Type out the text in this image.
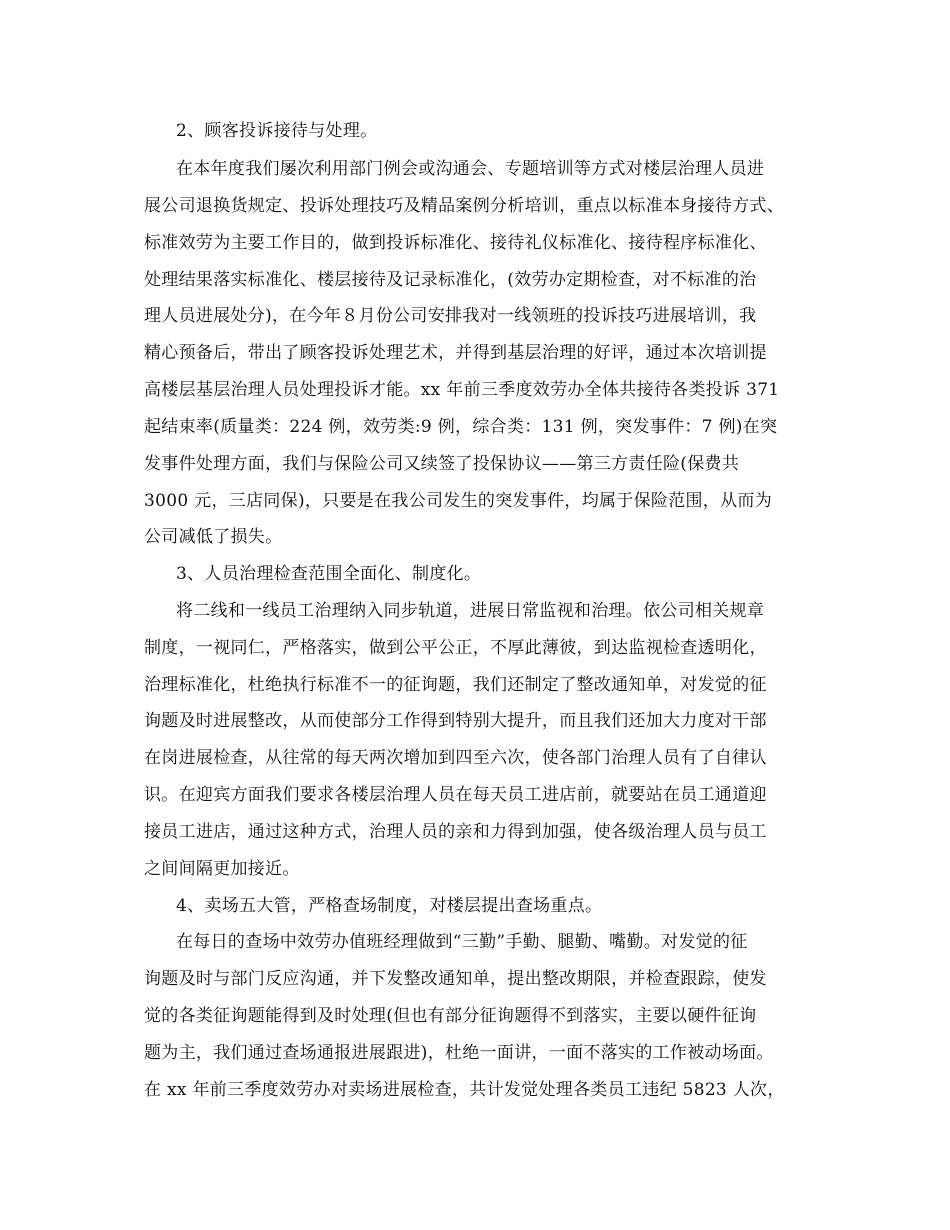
2、顾客投诉接待与处理。
在本年度我们屡次利用部门例会或沟通会、专题培训等方式对楼层治理人员进
展公司退换货规定、投诉处理技巧及精品案例分析培训，重点以标准本身接待方式、
标准效劳为主要工作目的，做到投诉标准化、接待礼仪标准化、接待程序标准化、
处理结果落实标准化、楼层接待及记录标准化，(效劳办定期检查，对不标准的治
理人员进展处分)，在今年８月份公司安排我对一线领班的投诉技巧进展培训，我
精心预备后，带出了顾客投诉处理艺术，并得到基层治理的好评，通过本次培训提
高楼层基层治理人员处理投诉才能。xx 年前三季度效劳办全体共接待各类投诉 371
起结束率(质量类：224 例，效劳类:9 例，综合类：131 例，突发事件：7 例)在突
发事件处理方面，我们与保险公司又续签了投保协议——第三方责任险(保费共
3000 元，三店同保)，只要是在我公司发生的突发事件，均属于保险范围，从而为
公司减低了损失。
3、人员治理检查范围全面化、制度化。
将二线和一线员工治理纳入同步轨道，进展日常监视和治理。依公司相关规章
制度，一视同仁，严格落实，做到公平公正，不厚此薄彼，到达监视检查透明化，
治理标准化，杜绝执行标准不一的征询题，我们还制定了整改通知单，对发觉的征
询题及时进展整改，从而使部分工作得到特别大提升，而且我们还加大力度对干部
在岗进展检查，从往常的每天两次增加到四至六次，使各部门治理人员有了自律认
识。在迎宾方面我们要求各楼层治理人员在每天员工进店前，就要站在员工通道迎
接员工进店，通过这种方式，治理人员的亲和力得到加强，使各级治理人员与员工
之间间隔更加接近。
4、卖场五大管，严格查场制度，对楼层提出查场重点。
在每日的查场中效劳办值班经理做到“三勤”手勤、腿勤、嘴勤。对发觉的征
询题及时与部门反应沟通，并下发整改通知单，提出整改期限，并检查跟踪，使发
觉的各类征询题能得到及时处理(但也有部分征询题得不到落实，主要以硬件征询
题为主，我们通过查场通报进展跟进)，杜绝一面讲，一面不落实的工作被动场面。
在 xx 年前三季度效劳办对卖场进展检查，共计发觉处理各类员工违纪 5823 人次，
